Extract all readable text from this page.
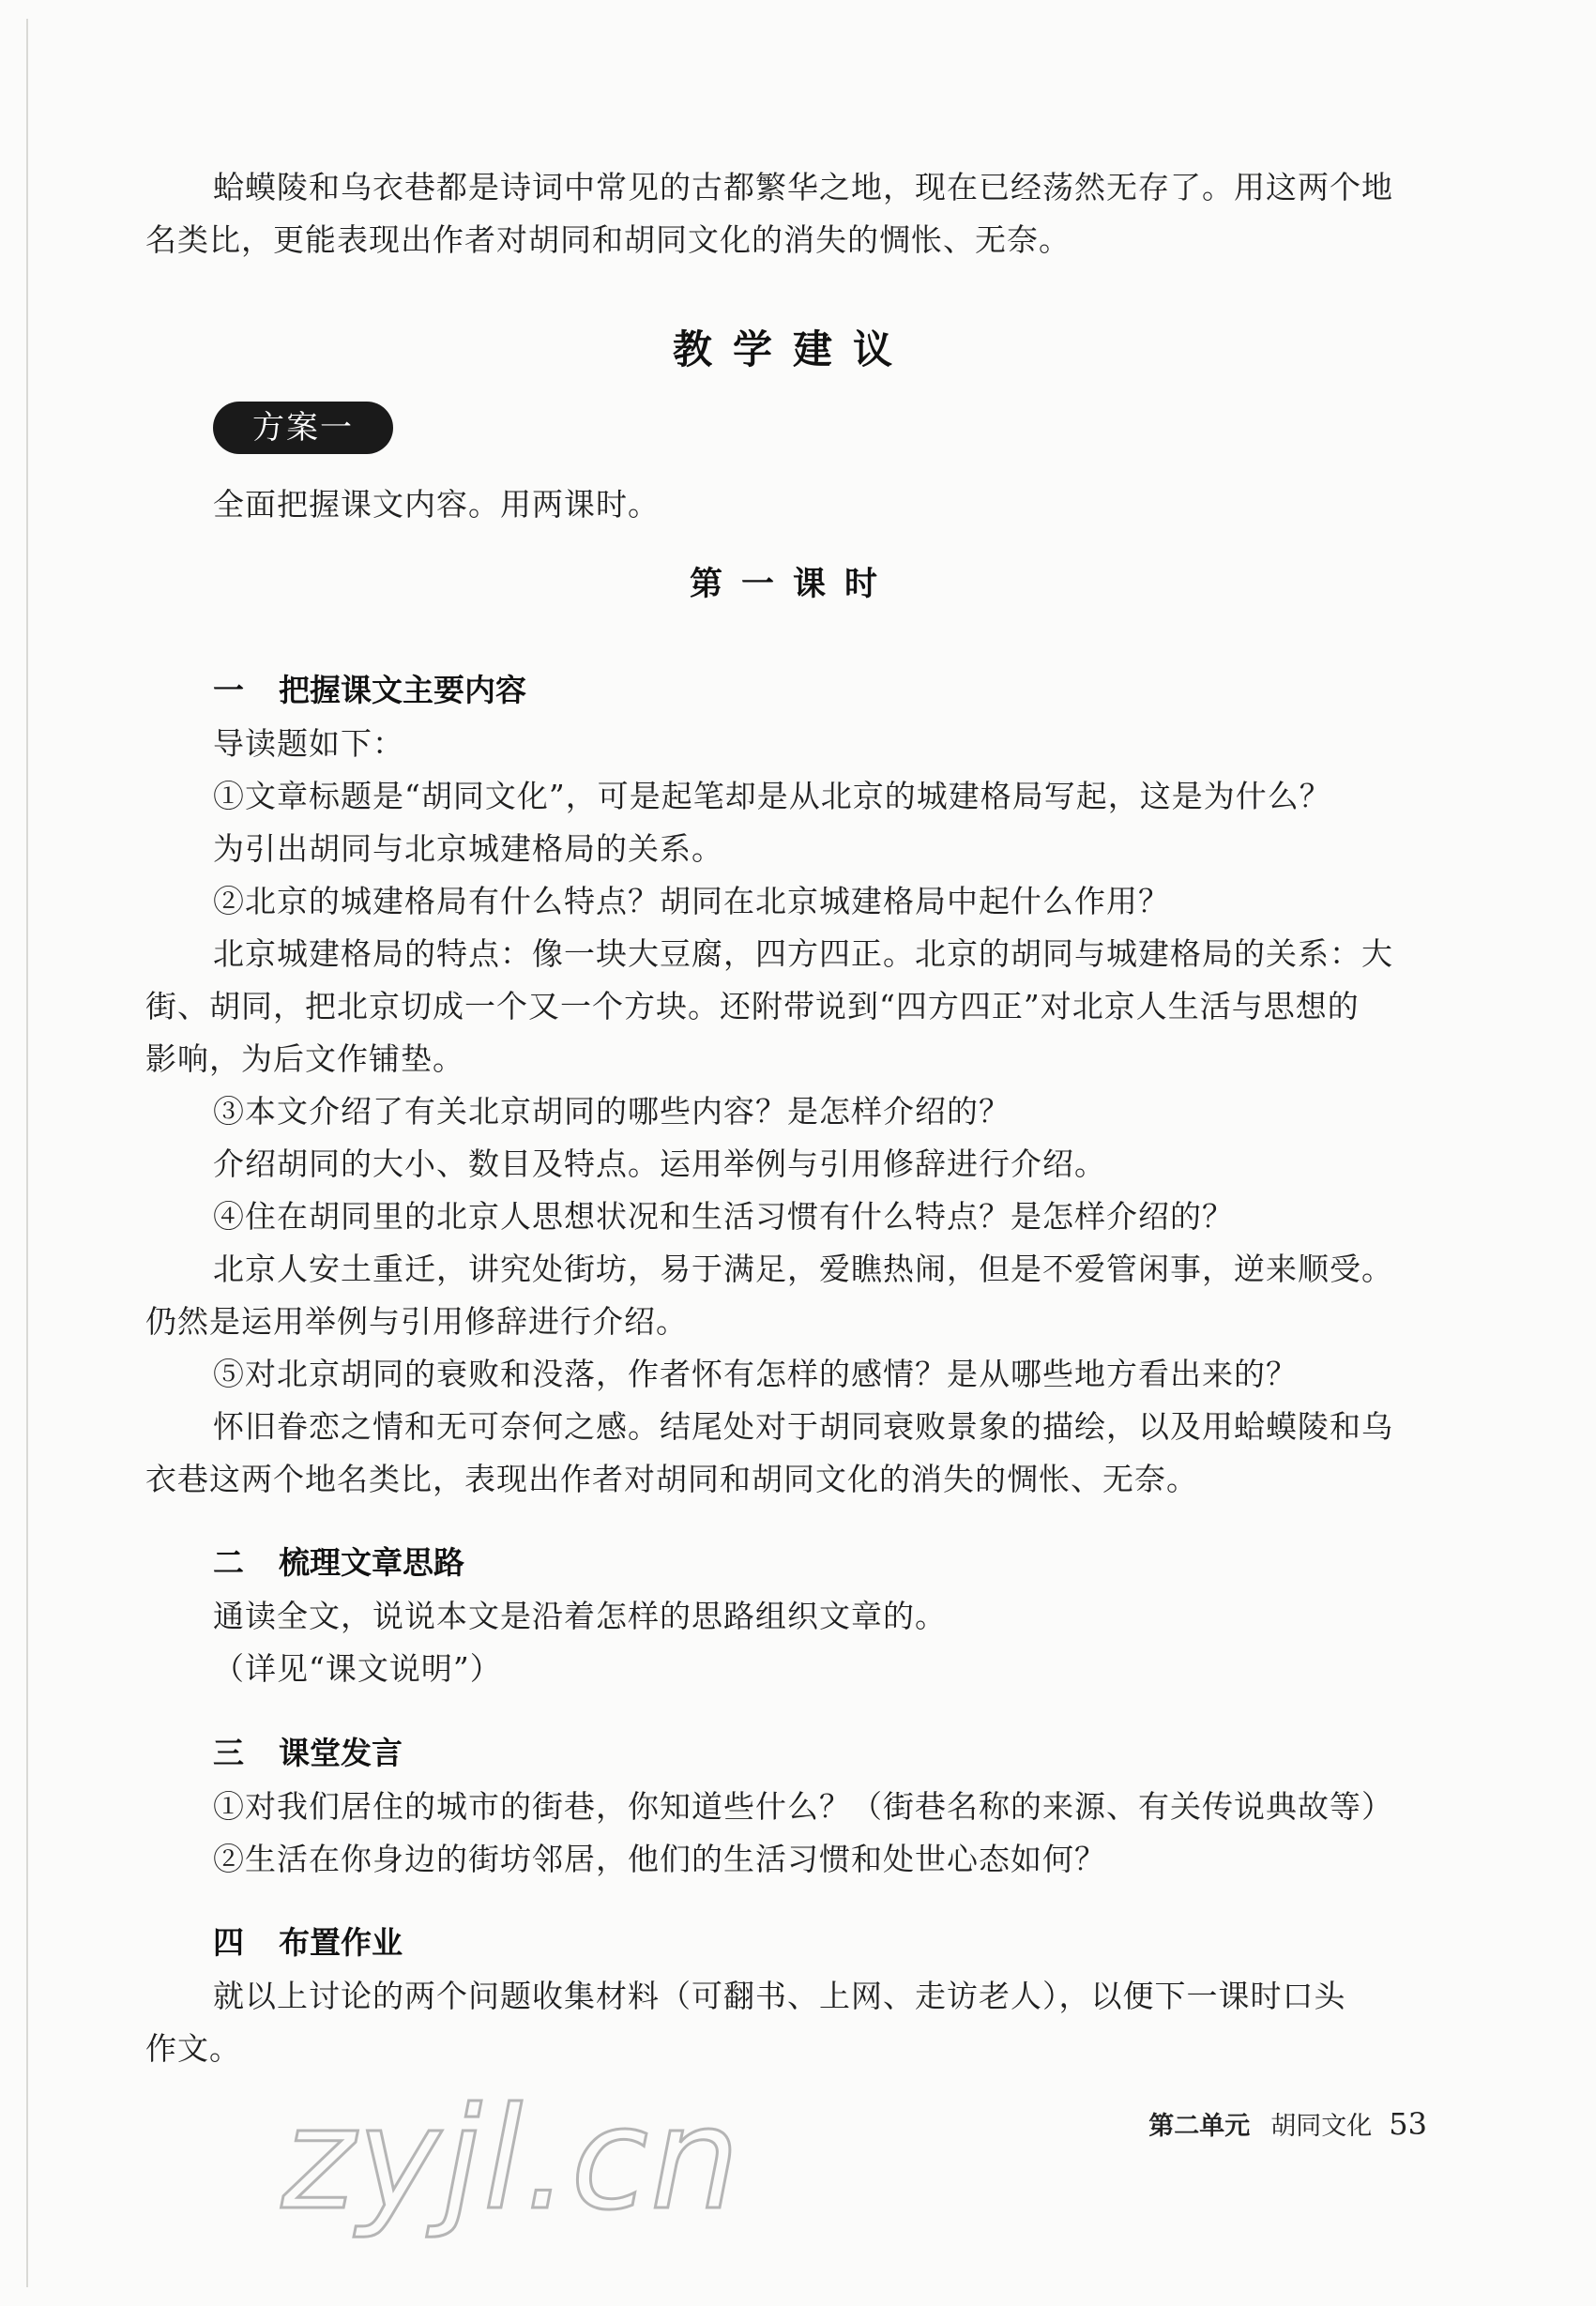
蛤蟆陵和乌衣巷都是诗词中常见的古都繁华之地，现在已经荡然无存了。用这两个地

名类比，更能表现出作者对胡同和胡同文化的消失的惆怅、无奈。

教学建议
方案一

全面把握课文内容。用两课时。

第一课时
一 把握课文主要内容

导读题如下：

①文章标题是“胡同文化”，可是起笔却是从北京的城建格局写起，这是为什么？

为引出胡同与北京城建格局的关系。

②北京的城建格局有什么特点？胡同在北京城建格局中起什么作用？

北京城建格局的特点：像一块大豆腐，四方四正。北京的胡同与城建格局的关系：大

街、胡同，把北京切成一个又一个方块。还附带说到“四方四正”对北京人生活与思想的

影响，为后文作铺垫。

③本文介绍了有关北京胡同的哪些内容？是怎样介绍的？

介绍胡同的大小、数目及特点。运用举例与引用修辞进行介绍。

④住在胡同里的北京人思想状况和生活习惯有什么特点？是怎样介绍的？

北京人安土重迁，讲究处街坊，易于满足，爱瞧热闹，但是不爱管闲事，逆来顺受。

仍然是运用举例与引用修辞进行介绍。

⑤对北京胡同的衰败和没落，作者怀有怎样的感情？是从哪些地方看出来的？

怀旧眷恋之情和无可奈何之感。结尾处对于胡同衰败景象的描绘，以及用蛤蟆陵和乌

衣巷这两个地名类比，表现出作者对胡同和胡同文化的消失的惆怅、无奈。

二 梳理文章思路

通读全文，说说本文是沿着怎样的思路组织文章的。

（详见“课文说明”）

三 课堂发言

①对我们居住的城市的街巷，你知道些什么？（街巷名称的来源、有关传说典故等）

②生活在你身边的街坊邻居，他们的生活习惯和处世心态如何？

四 布置作业

就以上讨论的两个问题收集材料（可翻书、上网、走访老人），以便下一课时口头

作文。

zyjl.cn	第二单元 胡同文化 53
